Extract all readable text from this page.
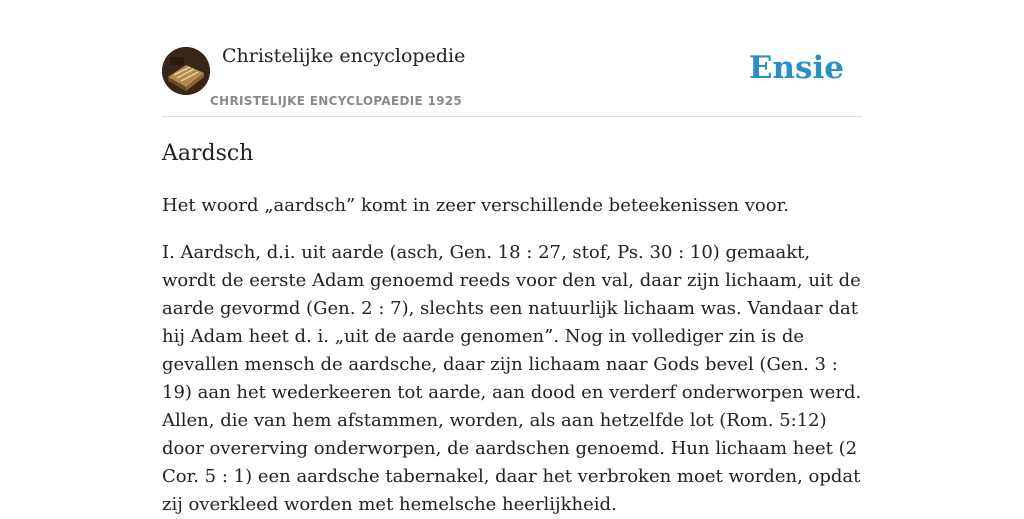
Christelijke encyclopedie
CHRISTELIJKE ENCYCLOPAEDIE 1925
Ensie
Aardsch

Het woord „aardsch” komt in zeer verschillende beteekenissen voor.

I. Aardsch, d.i. uit aarde (asch, Gen. 18 : 27, stof, Ps. 30 : 10) gemaakt, wordt de eerste Adam genoemd reeds voor den val, daar zijn lichaam, uit de aarde gevormd (Gen. 2 : 7), slechts een natuurlijk lichaam was. Vandaar dat hij Adam heet d. i. „uit de aarde genomen”. Nog in vollediger zin is de gevallen mensch de aardsche, daar zijn lichaam naar Gods bevel (Gen. 3 : 19) aan het wederkeeren tot aarde, aan dood en verderf onderworpen werd. Allen, die van hem afstammen, worden, als aan hetzelfde lot (Rom. 5:12) door overerving onderworpen, de aardschen genoemd. Hun lichaam heet (2 Cor. 5 : 1) een aardsche tabernakel, daar het verbroken moet worden, opdat zij overkleed worden met hemelsche heerlijkheid.
